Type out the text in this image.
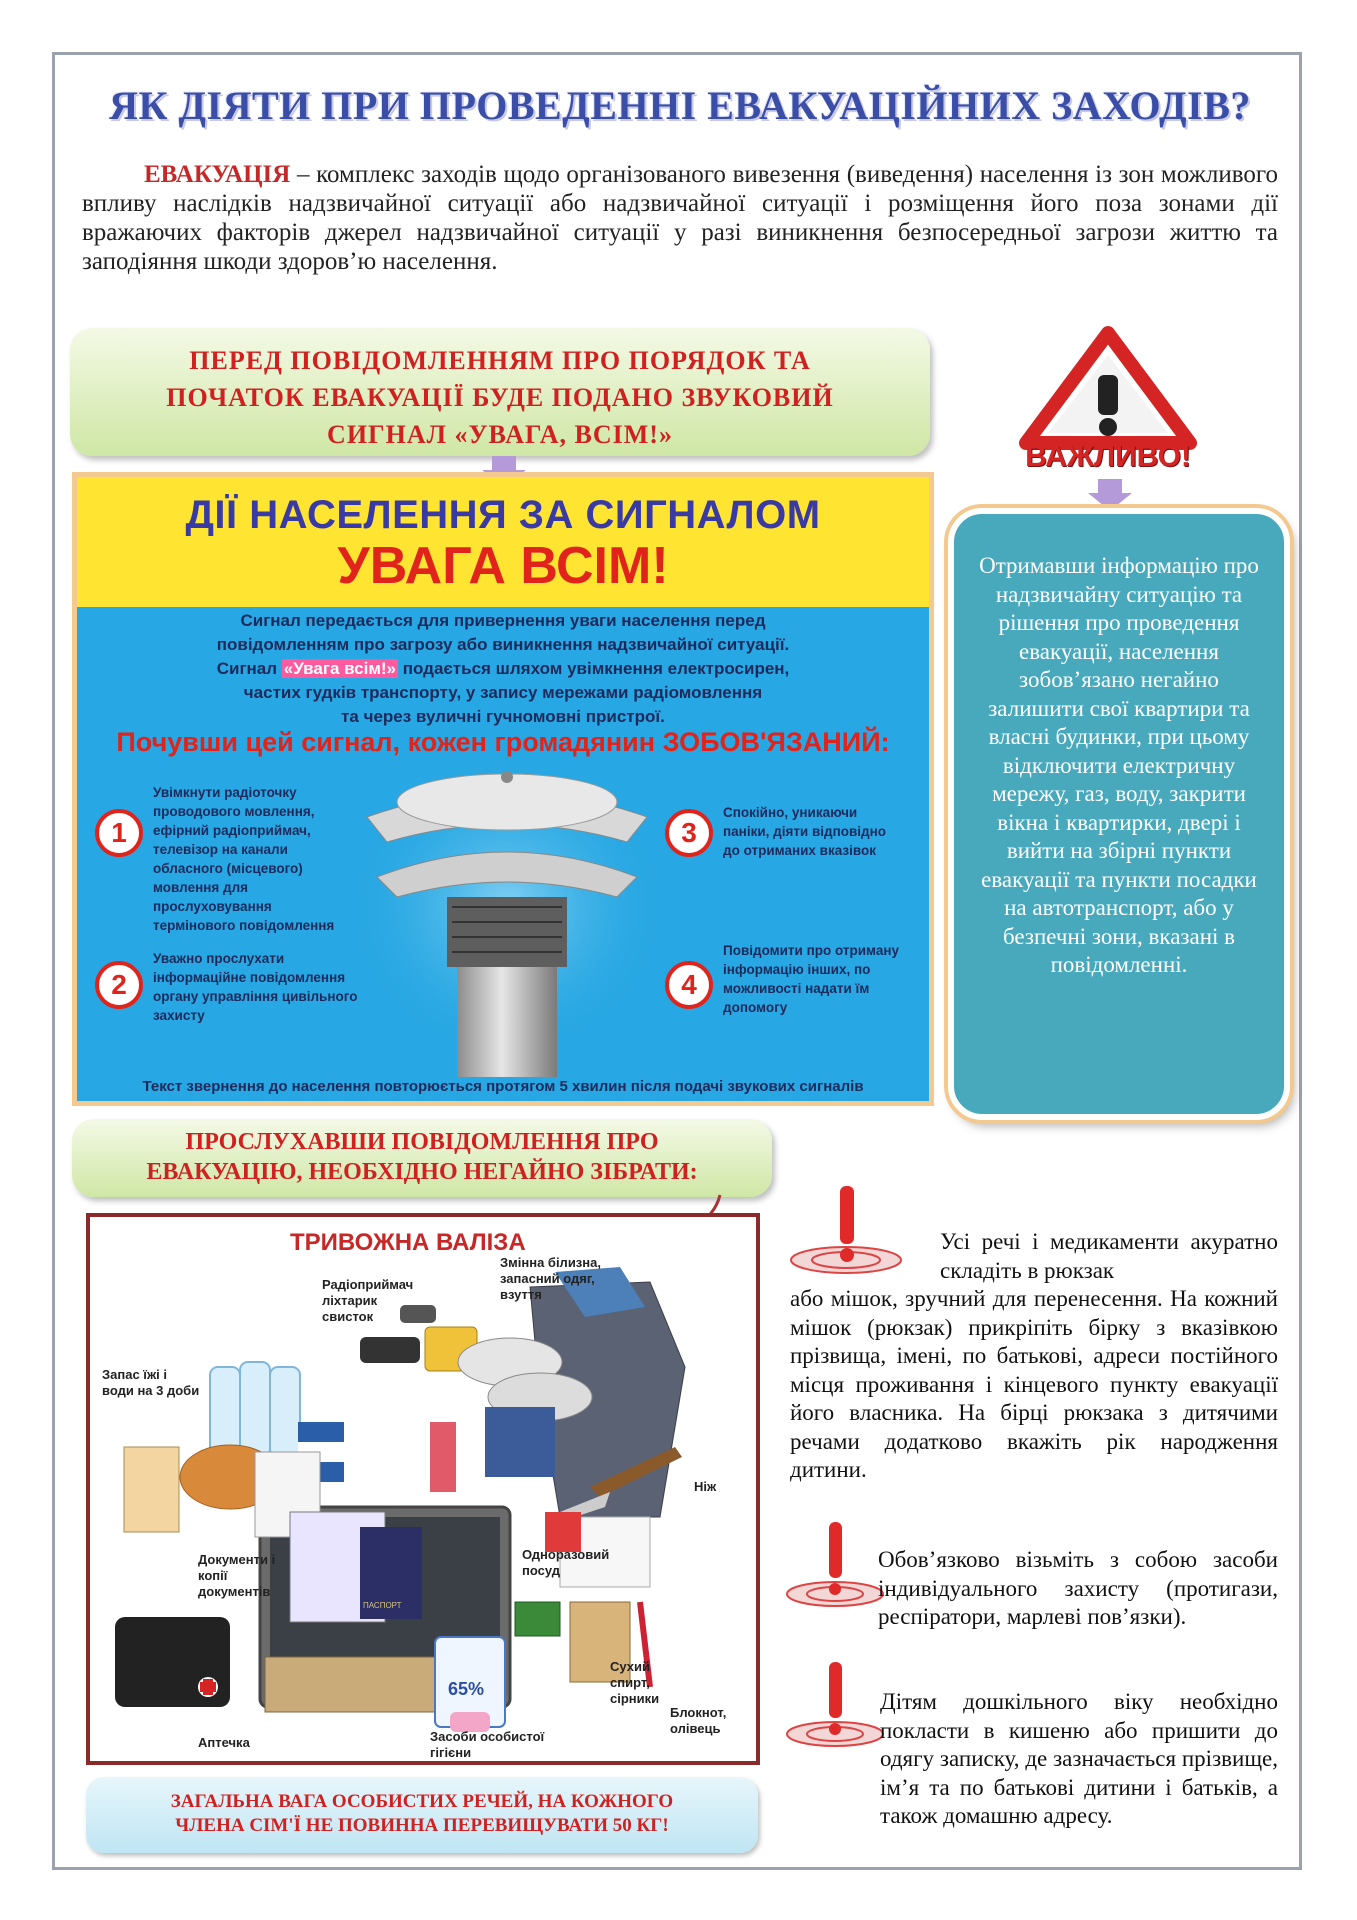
ЯК ДІЯТИ ПРИ ПРОВЕДЕННІ ЕВАКУАЦІЙНИХ ЗАХОДІВ?
ЕВАКУАЦІЯ – комплекс заходів щодо організованого вивезення (виведення) населення із зон можливого впливу наслідків надзвичайної ситуації або надзвичайної ситуації і розміщення його поза зонами дії вражаючих факторів джерел надзвичайної ситуації у разі виникнення безпосередньої загрози життю та заподіяння шкоди здоров’ю населення.
ПЕРЕД ПОВІДОМЛЕННЯМ ПРО ПОРЯДОК ТА
ПОЧАТОК ЕВАКУАЦІЇ БУДЕ ПОДАНО ЗВУКОВИЙ
СИГНАЛ «УВАГА, ВСІМ!»
ВАЖЛИВО!
ДІЇ НАСЕЛЕННЯ ЗА СИГНАЛОМ
УВАГА ВСІМ!
Сигнал передається для привернення уваги населення перед
повідомленням про загрозу або виникнення надзвичайної ситуації.
Сигнал «Увага всім!» подається шляхом увімкнення електросирен,
частих гудків транспорту, у запису мережами радіомовлення
та через вуличні гучномовні пристрої.
Почувши цей сигнал, кожен громадянин ЗОБОВ'ЯЗАНИЙ:
1
Увімкнути радіоточку проводового мовлення, ефірний радіоприймач, телевізор на канали обласного (місцевого) мовлення для прослуховування термінового повідомлення
2
Уважно прослухати інформаційне повідомлення органу управління цивільного захисту
3
Спокійно, уникаючи паніки, діяти відповідно до отриманих вказівок
4
Повідомити про отриману інформацію інших, по можливості надати їм допомогу
Текст звернення до населення повторюється протягом 5 хвилин після подачі звукових сигналів
Отримавши інформацію про надзвичайну ситуацію та рішення про проведення евакуації, населення зобов’язано негайно залишити свої квартири та власні будинки, при цьому відключити електричну мережу, газ, воду, закрити вікна і квартирки, двері і вийти на збірні пункти евакуації та пункти посадки на автотранспорт, або у безпечні зони, вказані в повідомленні.
ПРОСЛУХАВШИ ПОВІДОМЛЕННЯ ПРО
ЕВАКУАЦІЮ, НЕОБХІДНО НЕГАЙНО ЗІБРАТИ:
ТРИВОЖНА ВАЛІЗА
65%
ПАСПОРТ
Радіоприймач ліхтарик свисток
Змінна білизна, запасний одяг, взуття
Запас їжі і води на 3 доби
Ніж
Документи і копії документів
Одноразовий посуд
Сухий спирт, сірники
Блокнот, олівець
Аптечка	Засоби особистої гігієни
ЗАГАЛЬНА ВАГА ОСОБИСТИХ РЕЧЕЙ, НА КОЖНОГО
ЧЛЕНА СІМ'Ї НЕ ПОВИННА ПЕРЕВИЩУВАТИ 50 КГ!
Усі речі і медикаменти акуратно складіть в рюкзак
або мішок, зручний для перенесення. На кожний мішок (рюкзак) прикріпіть бірку з вказівкою прізвища, імені, по батькові, адреси постійного місця проживання і кінцевого пункту евакуації його власника. На бірці рюкзака з дитячими речами додатково вкажіть рік народження дитини.
Обов’язково візьміть з собою засоби індивідуального захисту (протигази, респіратори, марлеві пов’язки).
Дітям дошкільного віку необхідно покласти в кишеню або пришити до одягу записку, де зазначається прізвище, ім’я та по батькові дитини і батьків, а також домашню адресу.
